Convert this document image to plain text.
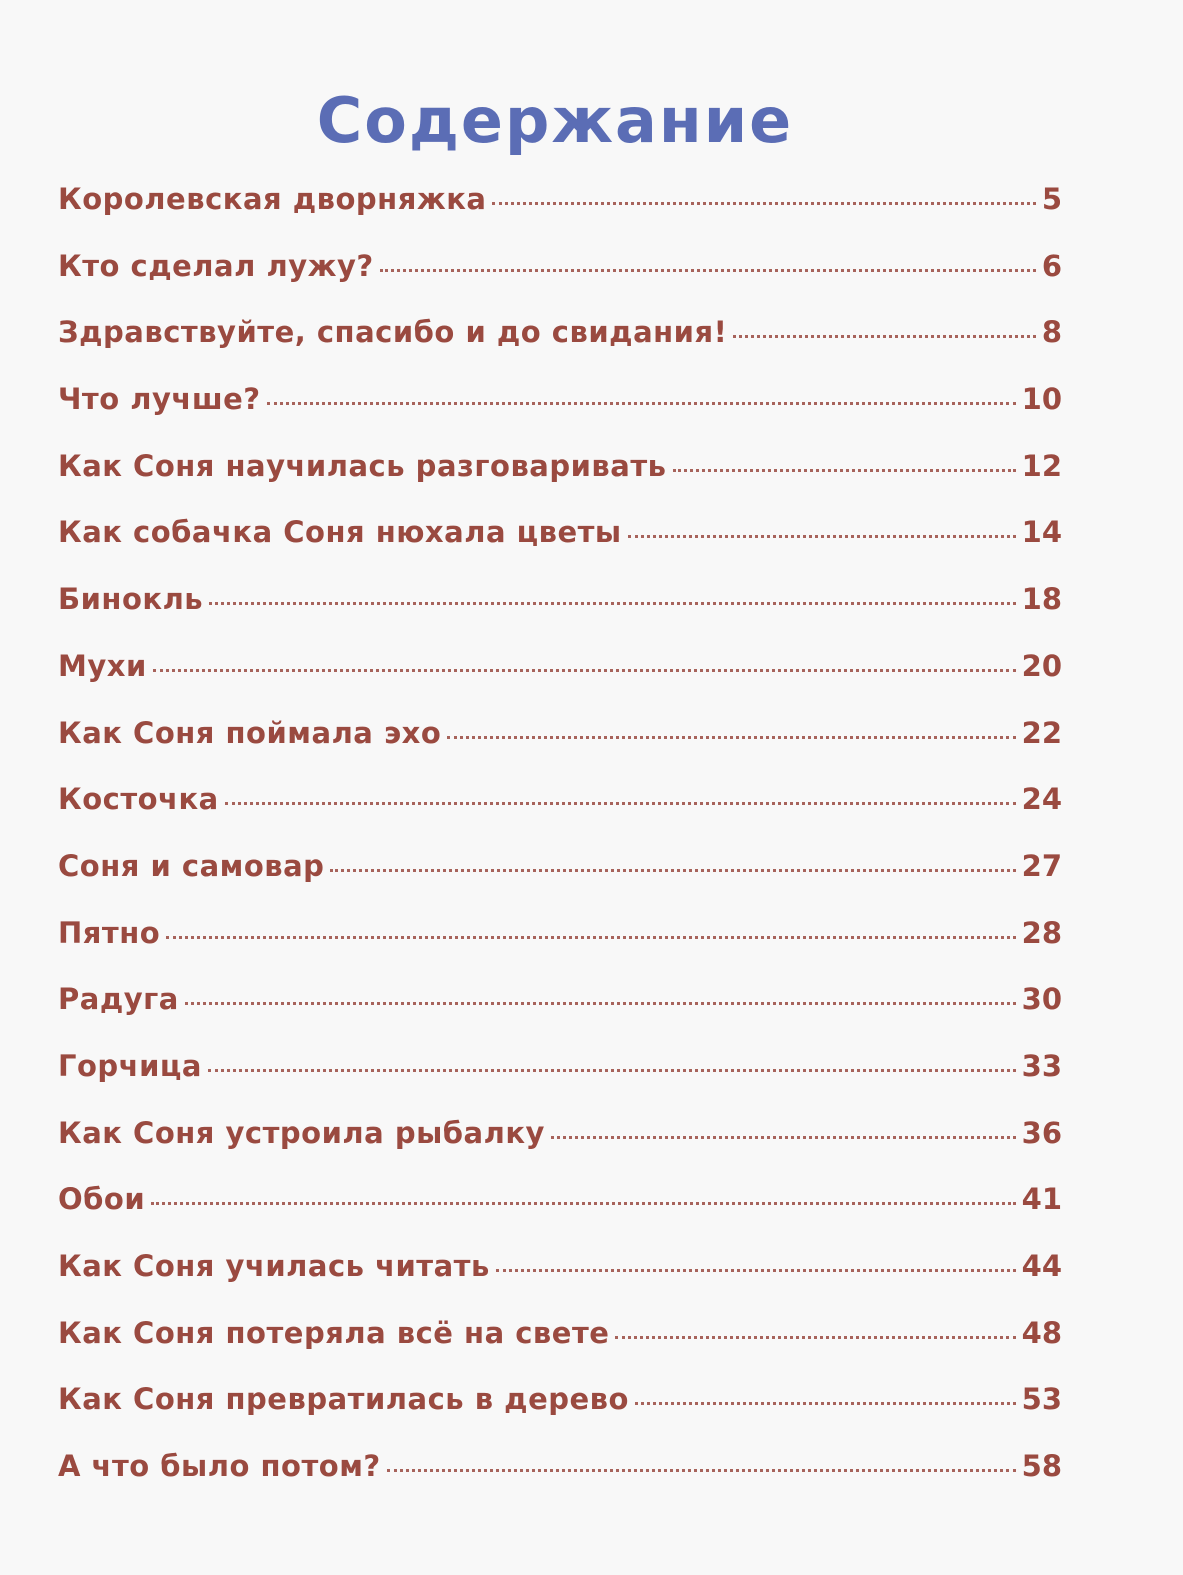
Содержание
Королевская дворняжка	5
Кто сделал лужу?	6
Здравствуйте, спасибо и до свидания!	8
Что лучше?	10
Как Соня научилась разговаривать	12
Как собачка Соня нюхала цветы	14
Бинокль	18
Мухи	20
Как Соня поймала эхо	22
Косточка	24
Соня и самовар	27
Пятно	28
Радуга	30
Горчица	33
Как Соня устроила рыбалку	36
Обои	41
Как Соня училась читать	44
Как Соня потеряла всё на свете	48
Как Соня превратилась в дерево	53
А что было потом?	58
